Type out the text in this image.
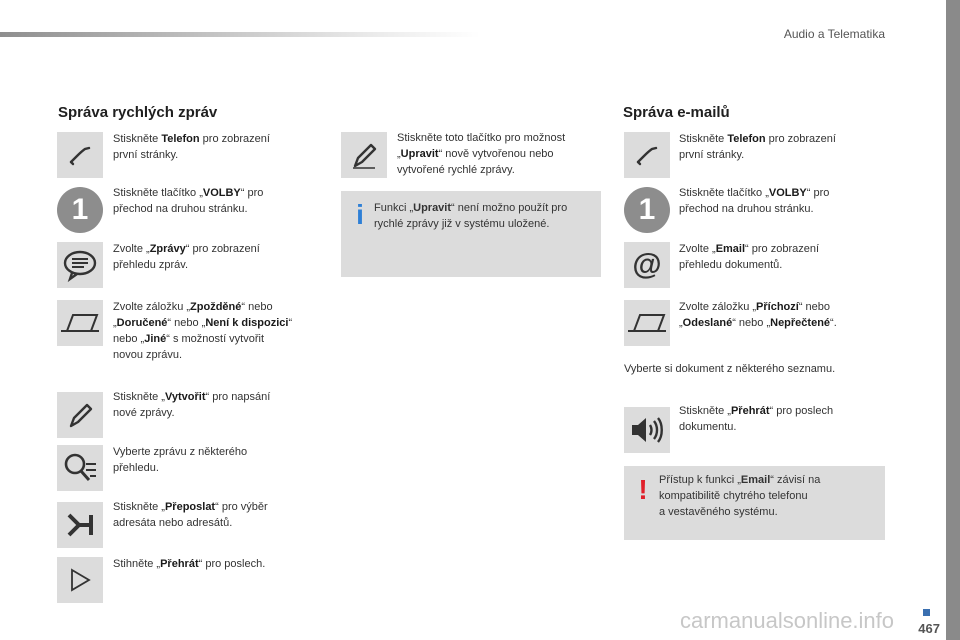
Audio a Telematika
Správa rychlých zpráv
Stiskněte Telefon pro zobrazení
první stránky.
1	Stiskněte tlačítko „VOLBY“ pro
přechod na druhou stránku.
Zvolte „Zprávy“ pro zobrazení
přehledu zpráv.
Zvolte záložku „Zpožděné“ nebo
„Doručené“ nebo „Není k dispozici“
nebo „Jiné“ s možností vytvořit
novou zprávu.
Stiskněte „Vytvořit“ pro napsání
nové zprávy.
Vyberte zprávu z některého
přehledu.
Stiskněte „Přeposlat“ pro výběr
adresáta nebo adresátů.
Stihněte „Přehrát“ pro poslech.
Stiskněte toto tlačítko pro možnost
„Upravit“ nově vytvořenou nebo
vytvořené rychlé zprávy.
i Funkci „Upravit“ není možno použít pro
rychlé zprávy již v systému uložené.
Správa e-mailů
Stiskněte Telefon pro zobrazení
první stránky.
1	Stiskněte tlačítko „VOLBY“ pro
přechod na druhou stránku.
@ Zvolte „Email“ pro zobrazení
přehledu dokumentů.
Zvolte záložku „Příchozí“ nebo
„Odeslané“ nebo „Nepřečtené“.
Vyberte si dokument z některého seznamu.
Stiskněte „Přehrát“ pro poslech
dokumentu.
! Přístup k funkci „Email“ závisí na
kompatibilitě chytrého telefonu
a vestavěného systému.
467
carmanualsonline.info
